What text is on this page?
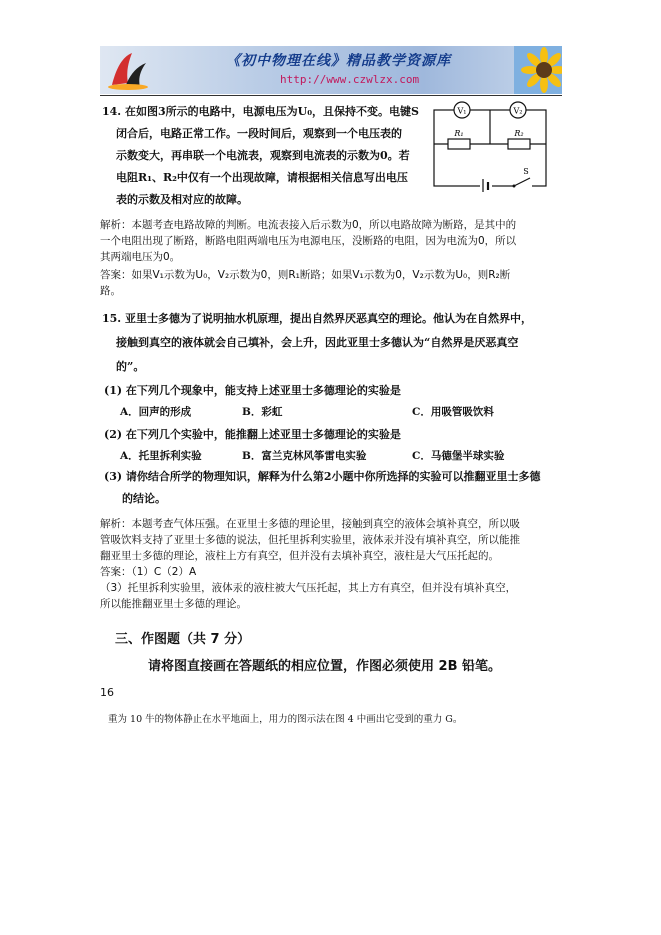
《初中物理在线》精品教学资源库
http://www.czwlzx.com
14. 在如图3所示的电路中，电源电压为U₀，且保持不变。电键S
闭合后，电路正常工作。一段时间后，观察到一个电压表的
示数变大，再串联一个电流表，观察到电流表的示数为0。若
电阻R₁、R₂中仅有一个出现故障，请根据相关信息写出电压
表的示数及相对应的故障。
V₁	V₂
R₁	R₂
S
解析：本题考查电路故障的判断。电流表接入后示数为0，所以电路故障为断路，是其中的
一个电阻出现了断路，断路电阻两端电压为电源电压，没断路的电阻，因为电流为0，所以
其两端电压为0。
答案：如果V₁示数为U₀，V₂示数为0，则R₁断路；如果V₁示数为0，V₂示数为U₀，则R₂断
路。
15. 亚里士多德为了说明抽水机原理，提出自然界厌恶真空的理论。他认为在自然界中，
接触到真空的液体就会自己填补，会上升，因此亚里士多德认为“自然界是厌恶真空
的”。
(1) 在下列几个现象中，能支持上述亚里士多德理论的实验是
A．回声的形成	B．彩虹	C．用吸管吸饮料
(2) 在下列几个实验中，能推翻上述亚里士多德理论的实验是
A．托里拆利实验	B．富兰克林风筝雷电实验	C．马德堡半球实验
(3) 请你结合所学的物理知识，解释为什么第2小题中你所选择的实验可以推翻亚里士多德
的结论。
解析：本题考查气体压强。在亚里士多德的理论里，接触到真空的液体会填补真空，所以吸
管吸饮料支持了亚里士多德的说法，但托里拆利实验里，液体汞并没有填补真空，所以能推
翻亚里士多德的理论，液柱上方有真空，但并没有去填补真空，液柱是大气压托起的。
答案：（1）C（2）A
（3）托里拆利实验里，液体汞的液柱被大气压托起，其上方有真空，但并没有填补真空，
所以能推翻亚里士多德的理论。
三、作图题（共 7 分）
请将图直接画在答题纸的相应位置，作图必须使用 2B 铅笔。
16
重为 10 牛的物体静止在水平地面上，用力的图示法在图 4 中画出它受到的重力 G。
